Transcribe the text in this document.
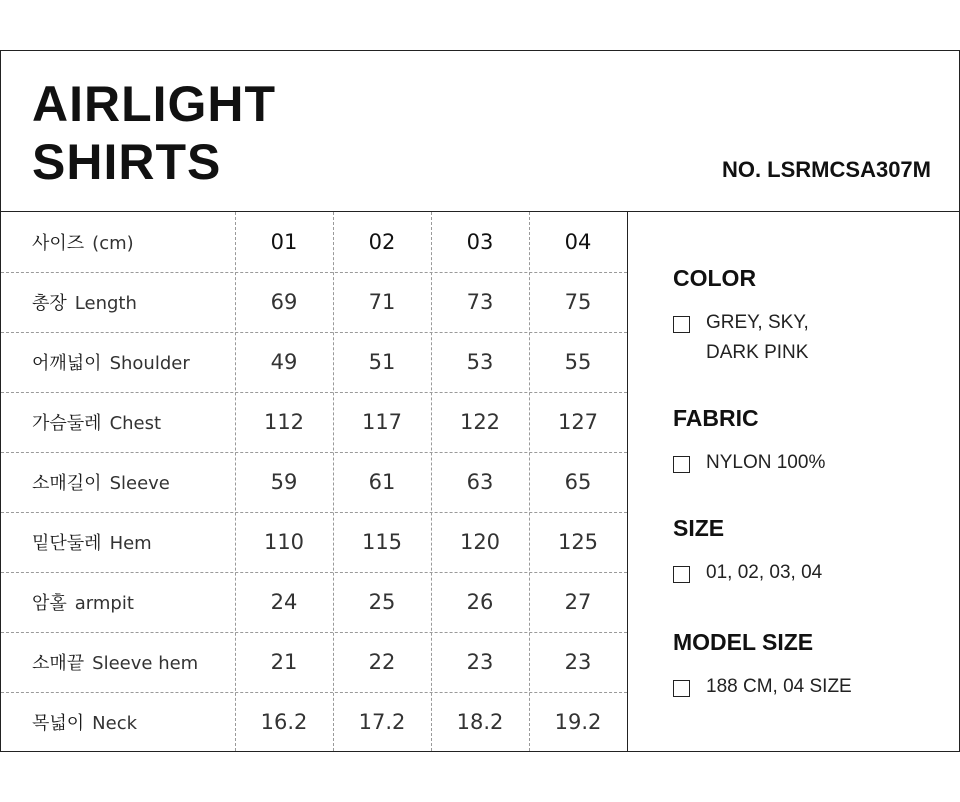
AIRLIGHT
SHIRTS	NO. LSRMCSA307M
사이즈 (cm)	01	02	03	04
총장 Length	69	71	73	75
어깨넓이 Shoulder	49	51	53	55
가슴둘레 Chest	112	117	122	127
소매길이 Sleeve	59	61	63	65
밑단둘레 Hem	110	115	120	125
암홀 armpit	24	25	26	27
소매끝 Sleeve hem	21	22	23	23
목넓이 Neck	16.2	17.2	18.2	19.2
COLOR
GREY, SKY,
DARK PINK
FABRIC
NYLON 100%
SIZE
01, 02, 03, 04
MODEL SIZE
188 CM, 04 SIZE
